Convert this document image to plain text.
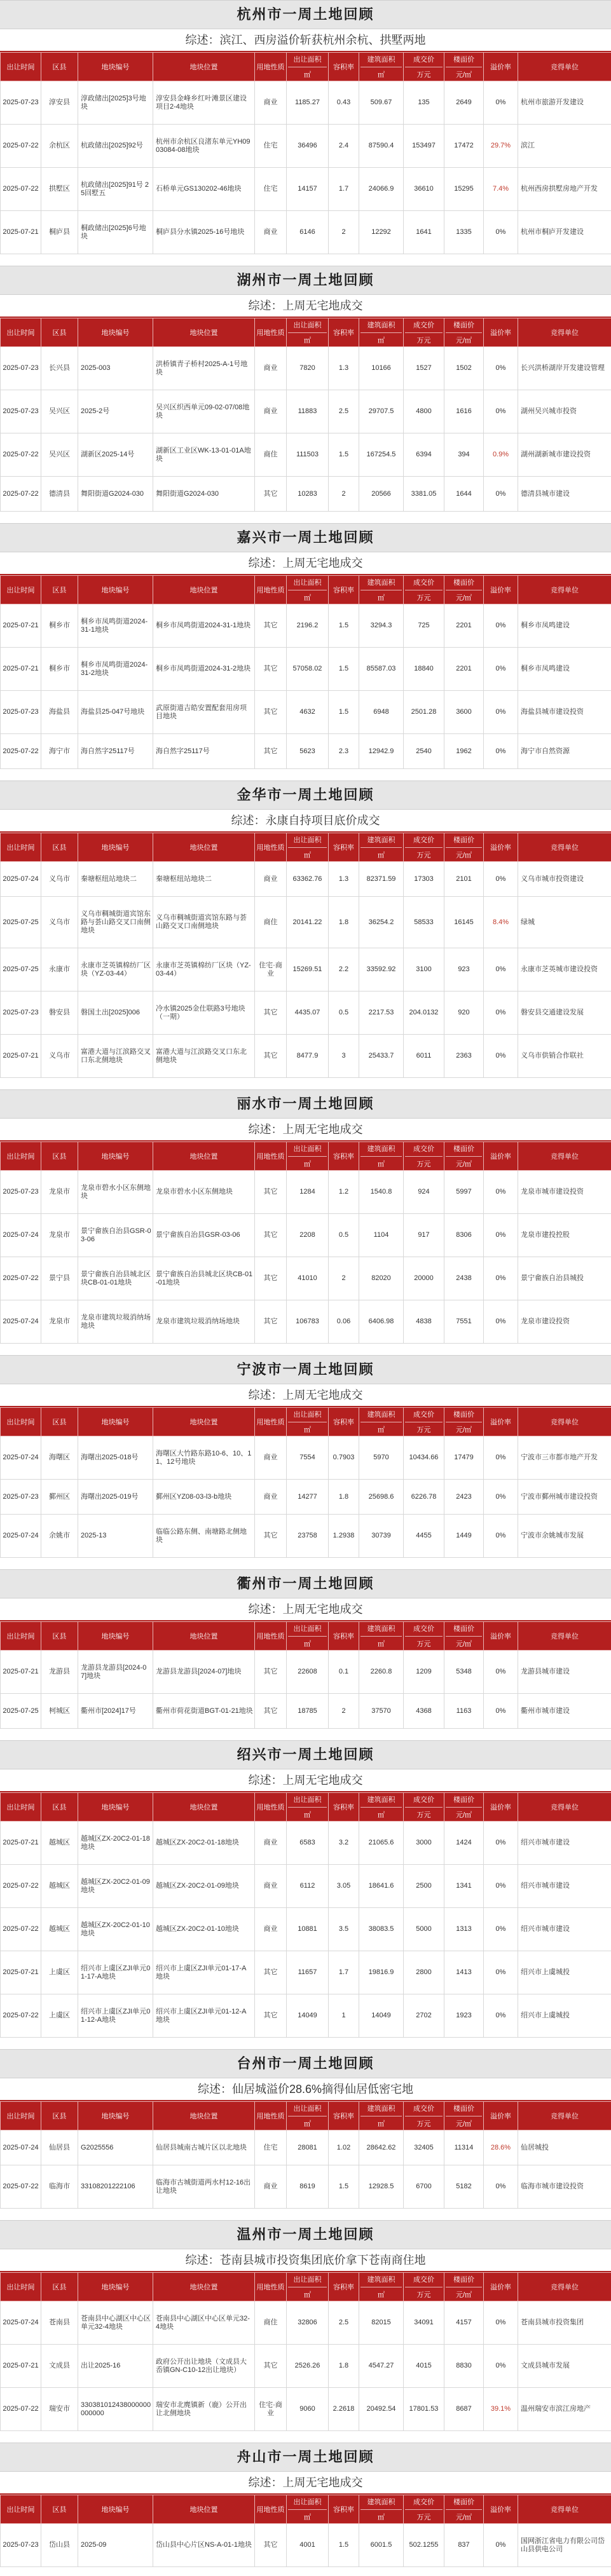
杭州市一周土地回顾
综述：滨江、西房溢价斩获杭州余杭、拱墅两地
出让时间	区县	地块编号	地块位置	用地性质	出让面积
㎡	容积率	建筑面积
㎡	成交价
万元	楼面价
元/㎡	溢价率	竞得单位
2025-07-23	淳安县	淳政储出[2025]3号地块	淳安县金峰乡红叶滩景区建设项目2-4地块	商业	1185.27	0.43	509.67	135	2649	0%	杭州市旅游开发建设
2025-07-22	余杭区	杭政储出[2025]92号	杭州市余杭区良渚东单元YH0903084-08地块	住宅	36496	2.4	87590.4	153497	17472	29.7%	滨江
2025-07-22	拱墅区	杭政储出[2025]91号 25回墅五	石桥单元GS130202-46地块	住宅	14157	1.7	24066.9	36610	15295	7.4%	杭州西房拱墅房地产开发
2025-07-21	桐庐县	桐政储出[2025]6号地块	桐庐县分水镇2025-16号地块	商业	6146	2	12292	1641	1335	0%	杭州市桐庐开发建设
湖州市一周土地回顾
综述：上周无宅地成交
出让时间	区县	地块编号	地块位置	用地性质	出让面积
㎡	容积率	建筑面积
㎡	成交价
万元	楼面价
元/㎡	溢价率	竞得单位
2025-07-23	长兴县	2025-003	洪桥镇青子桥村2025-A-1号地块	商业	7820	1.3	10166	1527	1502	0%	长兴洪桥湖岸开发建设管理
2025-07-23	吴兴区	2025-2号	吴兴区织西单元09-02-07/08地块	商业	11883	2.5	29707.5	4800	1616	0%	湖州吴兴城市投资
2025-07-22	吴兴区	湖新区2025-14号	湖新区工业区WK-13-01-01A地块	商住	111503	1.5	167254.5	6394	394	0.9%	湖州湖新城市建设投资
2025-07-22	德清县	舞阳街道G2024-030	舞阳街道G2024-030	其它	10283	2	20566	3381.05	1644	0%	德清县城市建设
嘉兴市一周土地回顾
综述：上周无宅地成交
出让时间	区县	地块编号	地块位置	用地性质	出让面积
㎡	容积率	建筑面积
㎡	成交价
万元	楼面价
元/㎡	溢价率	竞得单位
2025-07-21	桐乡市	桐乡市凤鸣街道2024-31-1地块	桐乡市凤鸣街道2024-31-1地块	其它	2196.2	1.5	3294.3	725	2201	0%	桐乡市凤鸣建设
2025-07-21	桐乡市	桐乡市凤鸣街道2024-31-2地块	桐乡市凤鸣街道2024-31-2地块	其它	57058.02	1.5	85587.03	18840	2201	0%	桐乡市凤鸣建设
2025-07-23	海盐县	海盐县25-047号地块	武原街道吉皓安置配套用房项目地块	其它	4632	1.5	6948	2501.28	3600	0%	海盐县城市建设投资
2025-07-22	海宁市	海自然字25117号	海自然字25117号	其它	5623	2.3	12942.9	2540	1962	0%	海宁市自然资源
金华市一周土地回顾
综述：永康自持项目底价成交
出让时间	区县	地块编号	地块位置	用地性质	出让面积
㎡	容积率	建筑面积
㎡	成交价
万元	楼面价
元/㎡	溢价率	竞得单位
2025-07-24	义乌市	秦塘枢纽站地块二	秦塘枢纽站地块二	商业	63362.76	1.3	82371.59	17303	2101	0%	义乌市城市投资建设
2025-07-25	义乌市	义乌市稠城街道宾馆东路与荟山路交叉口南侧地块	义乌市稠城街道宾馆东路与荟山路交叉口南侧地块	商住	20141.22	1.8	36254.2	58533	16145	8.4%	绿城
2025-07-25	永康市	永康市芝英镇棉纺厂区块（YZ-03-44）	永康市芝英镇棉纺厂区块（YZ-03-44）	住宅·商业	15269.51	2.2	33592.92	3100	923	0%	永康市芝英城市建设投资
2025-07-23	磐安县	磐国土出[2025]006	冷水镇2025金仕联路3号地块（一期）	其它	4435.07	0.5	2217.53	204.0132	920	0%	磐安县交通建设发展
2025-07-21	义乌市	富港大道与江滨路交叉口东北侧地块	富港大道与江滨路交叉口东北侧地块	其它	8477.9	3	25433.7	6011	2363	0%	义乌市供销合作联社
丽水市一周土地回顾
综述：上周无宅地成交
出让时间	区县	地块编号	地块位置	用地性质	出让面积
㎡	容积率	建筑面积
㎡	成交价
万元	楼面价
元/㎡	溢价率	竞得单位
2025-07-23	龙泉市	龙泉市碧水小区东侧地块	龙泉市碧水小区东侧地块	其它	1284	1.2	1540.8	924	5997	0%	龙泉市城市建设投资
2025-07-24	龙泉市	景宁畲族自治县GSR-03-06	景宁畲族自治县GSR-03-06	其它	2208	0.5	1104	917	8306	0%	龙泉市建投控股
2025-07-22	景宁县	景宁畲族自治县城北区块CB-01-01地块	景宁畲族自治县城北区块CB-01-01地块	其它	41010	2	82020	20000	2438	0%	景宁畲族自治县城投
2025-07-24	龙泉市	龙泉市建筑垃圾消纳场地块	龙泉市建筑垃圾消纳场地块	其它	106783	0.06	6406.98	4838	7551	0%	龙泉市建设投资
宁波市一周土地回顾
综述：上周无宅地成交
出让时间	区县	地块编号	地块位置	用地性质	出让面积
㎡	容积率	建筑面积
㎡	成交价
万元	楼面价
元/㎡	溢价率	竞得单位
2025-07-24	海曙区	海曙出2025-018号	海曙区大竹路东路10-6、10、11、12号地块	商业	7554	0.7903	5970	10434.66	17479	0%	宁波市三市都市地产开发
2025-07-23	鄞州区	海曙出2025-019号	鄞州区YZ08-03-l3-b地块	商业	14277	1.8	25698.6	6226.78	2423	0%	宁波市鄞州城市建设投资
2025-07-24	余姚市	2025-13	临临公路东侧、南塘路北侧地块	其它	23758	1.2938	30739	4455	1449	0%	宁波市余姚城市发展
衢州市一周土地回顾
综述：上周无宅地成交
出让时间	区县	地块编号	地块位置	用地性质	出让面积
㎡	容积率	建筑面积
㎡	成交价
万元	楼面价
元/㎡	溢价率	竞得单位
2025-07-21	龙游县	龙游县龙游县[2024-07]地块	龙游县龙游县[2024-07]地块	其它	22608	0.1	2260.8	1209	5348	0%	龙游县城市建设
2025-07-25	柯城区	衢州市[2024]17号	衢州市荷花街道BGT-01-21地块	其它	18785	2	37570	4368	1163	0%	衢州市城市建设
绍兴市一周土地回顾
综述：上周无宅地成交
出让时间	区县	地块编号	地块位置	用地性质	出让面积
㎡	容积率	建筑面积
㎡	成交价
万元	楼面价
元/㎡	溢价率	竞得单位
2025-07-21	越城区	越城区ZX-20C2-01-18地块	越城区ZX-20C2-01-18地块	商业	6583	3.2	21065.6	3000	1424	0%	绍兴市城市建设
2025-07-22	越城区	越城区ZX-20C2-01-09地块	越城区ZX-20C2-01-09地块	商业	6112	3.05	18641.6	2500	1341	0%	绍兴市城市建设
2025-07-22	越城区	越城区ZX-20C2-01-10地块	越城区ZX-20C2-01-10地块	商业	10881	3.5	38083.5	5000	1313	0%	绍兴市城市建设
2025-07-21	上虞区	绍兴市上虞区ZJI单元01-17-A地块	绍兴市上虞区ZJI单元01-17-A地块	其它	11657	1.7	19816.9	2800	1413	0%	绍兴市上虞城投
2025-07-22	上虞区	绍兴市上虞区ZJI单元01-12-A地块	绍兴市上虞区ZJI单元01-12-A地块	其它	14049	1	14049	2702	1923	0%	绍兴市上虞城投
台州市一周土地回顾
综述：仙居城溢价28.6%摘得仙居低密宅地
出让时间	区县	地块编号	地块位置	用地性质	出让面积
㎡	容积率	建筑面积
㎡	成交价
万元	楼面价
元/㎡	溢价率	竞得单位
2025-07-24	仙居县	G2025556	仙居县城南古城片区以北地块	住宅	28081	1.02	28642.62	32405	11314	28.6%	仙居城投
2025-07-22	临海市	33108201222106	临海市古城街道两水村12-16出让地块	商业	8619	1.5	12928.5	6700	5182	0%	临海市城市建设投资
温州市一周土地回顾
综述：苍南县城市投资集团底价拿下苍南商住地
出让时间	区县	地块编号	地块位置	用地性质	出让面积
㎡	容积率	建筑面积
㎡	成交价
万元	楼面价
元/㎡	溢价率	竞得单位
2025-07-24	苍南县	苍南县中心湖区中心区单元32-4地块	苍南县中心湖区中心区单元32-4地块	商住	32806	2.5	82015	34091	4157	0%	苍南县城市投资集团
2025-07-21	文成县	出让2025-16	政府公开出让地块（文成县大岙镇GN-C10-12出让地块）	其它	2526.26	1.8	4547.27	4015	8830	0%	文成县城市发展
2025-07-22	瑞安市	330381012438000000000000	瑞安市北麂镇新（鹿）公开出让北侧地块	住宅·商业	9060	2.2618	20492.54	17801.53	8687	39.1%	温州瑞安市滨江房地产
舟山市一周土地回顾
综述：上周无宅地成交
出让时间	区县	地块编号	地块位置	用地性质	出让面积
㎡	容积率	建筑面积
㎡	成交价
万元	楼面价
元/㎡	溢价率	竞得单位
2025-07-23	岱山县	2025-09	岱山县中心片区NS-A-01-1地块	其它	4001	1.5	6001.5	502.1255	837	0%	国网浙江省电力有限公司岱山县供电公司
